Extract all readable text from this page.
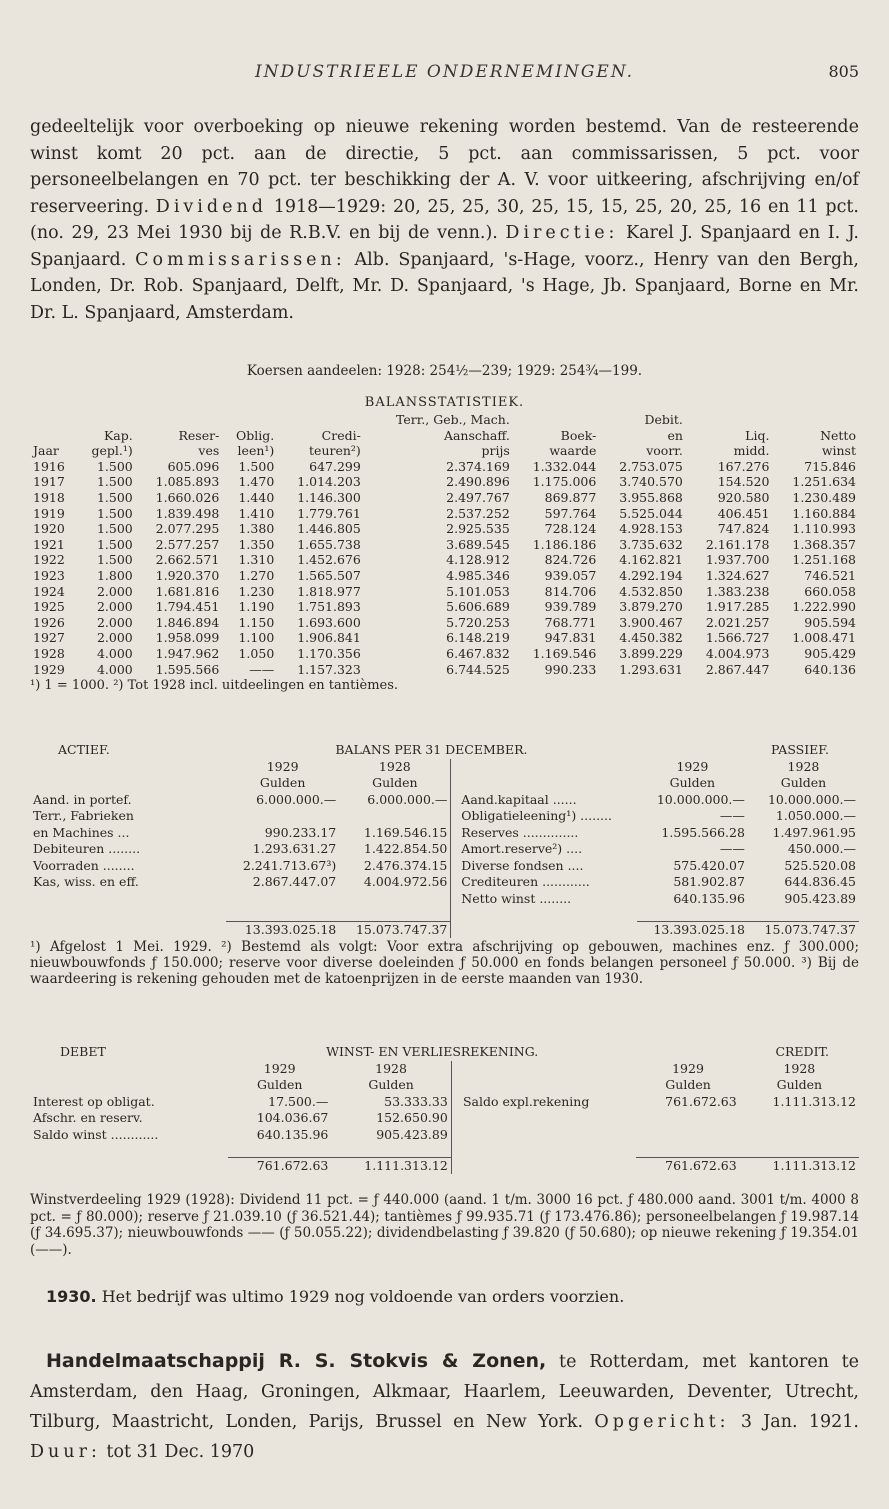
INDUSTRIEELE ONDERNEMINGEN.	805
gedeeltelijk voor overboeking op nieuwe rekening worden bestemd. Van de resteerende winst komt 20 pct. aan de directie, 5 pct. aan commissarissen, 5 pct. voor personeelbelangen en 70 pct. ter beschikking der A. V. voor uitkeering, afschrijving en/of reserveering. Dividend 1918—1929: 20, 25, 25, 30, 25, 15, 15, 25, 20, 25, 16 en 11 pct. (no. 29, 23 Mei 1930 bij de R.B.V. en bij de venn.). Directie: Karel J. Spanjaard en I. J. Spanjaard. Commissarissen: Alb. Spanjaard, 's-Hage, voorz., Henry van den Bergh, Londen, Dr. Rob. Spanjaard, Delft, Mr. D. Spanjaard, 's Hage, Jb. Spanjaard, Borne en Mr. Dr. L. Spanjaard, Amsterdam.
Koersen aandeelen: 1928: 254½—239; 1929: 254¾—199.
BALANSSTATISTIEK.
					Terr., Geb., Mach.		Debit.		
	Kap.	Reser-	Oblig.	Credi-	Aanschaff.	Boek-	en	Liq.	Netto
Jaar	gepl.¹)	ves	leen¹)	teuren²)	prijs	waarde	voorr.	midd.	winst
1916	1.500	605.096	1.500	647.299	2.374.169	1.332.044	2.753.075	167.276	715.846
1917	1.500	1.085.893	1.470	1.014.203	2.490.896	1.175.006	3.740.570	154.520	1.251.634
1918	1.500	1.660.026	1.440	1.146.300	2.497.767	869.877	3.955.868	920.580	1.230.489
1919	1.500	1.839.498	1.410	1.779.761	2.537.252	597.764	5.525.044	406.451	1.160.884
1920	1.500	2.077.295	1.380	1.446.805	2.925.535	728.124	4.928.153	747.824	1.110.993
1921	1.500	2.577.257	1.350	1.655.738	3.689.545	1.186.186	3.735.632	2.161.178	1.368.357
1922	1.500	2.662.571	1.310	1.452.676	4.128.912	824.726	4.162.821	1.937.700	1.251.168
1923	1.800	1.920.370	1.270	1.565.507	4.985.346	939.057	4.292.194	1.324.627	746.521
1924	2.000	1.681.816	1.230	1.818.977	5.101.053	814.706	4.532.850	1.383.238	660.058
1925	2.000	1.794.451	1.190	1.751.893	5.606.689	939.789	3.879.270	1.917.285	1.222.990
1926	2.000	1.846.894	1.150	1.693.600	5.720.253	768.771	3.900.467	2.021.257	905.594
1927	2.000	1.958.099	1.100	1.906.841	6.148.219	947.831	4.450.382	1.566.727	1.008.471
1928	4.000	1.947.962	1.050	1.170.356	6.467.832	1.169.546	3.899.229	4.004.973	905.429
1929	4.000	1.595.566	——	1.157.323	6.744.525	990.233	1.293.631	2.867.447	640.136
¹) 1 = 1000. ²) Tot 1928 incl. uitdeelingen en tantièmes.
ACTIEF.	BALANS PER 31 DECEMBER.				PASSIEF.	
	1929	1928			1929	1928
	Gulden	Gulden			Gulden	Gulden
Aand. in portef.	6.000.000.—	6.000.000.—		Aand.kapitaal ......	10.000.000.—	10.000.000.—
Terr., Fabrieken				Obligatieleening¹) ........	——	1.050.000.—
en Machines ...	990.233.17	1.169.546.15		Reserves ..............	1.595.566.28	1.497.961.95
Debiteuren ........	1.293.631.27	1.422.854.50		Amort.reserve²) ....	——	450.000.—
Voorraden ........	2.241.713.67³)	2.476.374.15		Diverse fondsen ....	575.420.07	525.520.08
Kas, wiss. en eff.	2.867.447.07	4.004.972.56		Crediteuren ............	581.902.87	644.836.45
				Netto winst ........	640.135.96	905.423.89

	13.393.025.18	15.073.747.37			13.393.025.18	15.073.747.37
¹) Afgelost 1 Mei. 1929. ²) Bestemd als volgt: Voor extra afschrijving op gebouwen, machines enz. ƒ 300.000; nieuwbouwfonds ƒ 150.000; reserve voor diverse doeleinden ƒ 50.000 en fonds belangen personeel ƒ 50.000. ³) Bij de waardeering is rekening gehouden met de katoenprijzen in de eerste maanden van 1930.
DEBET	WINST- EN VERLIESREKENING.				CREDIT.	
	1929	1928			1929	1928
	Gulden	Gulden			Gulden	Gulden
Interest op obligat.	17.500.—	53.333.33		Saldo expl.rekening	761.672.63	1.111.313.12
Afschr. en reserv.	104.036.67	152.650.90				
Saldo winst ............	640.135.96	905.423.89				

	761.672.63	1.111.313.12			761.672.63	1.111.313.12
Winstverdeeling 1929 (1928): Dividend 11 pct. = ƒ 440.000 (aand. 1 t/m. 3000 16 pct. ƒ 480.000 aand. 3001 t/m. 4000 8 pct. = ƒ 80.000); reserve ƒ 21.039.10 (ƒ 36.521.44); tantièmes ƒ 99.935.71 (ƒ 173.476.86); personeelbelangen ƒ 19.987.14 (ƒ 34.695.37); nieuwbouwfonds —— (ƒ 50.055.22); dividendbelasting ƒ 39.820 (ƒ 50.680); op nieuwe rekening ƒ 19.354.01 (——).
1930. Het bedrijf was ultimo 1929 nog voldoende van orders voorzien.
Handelmaatschappij R. S. Stokvis & Zonen, te Rotterdam, met kantoren te Amsterdam, den Haag, Groningen, Alkmaar, Haarlem, Leeuwarden, Deventer, Utrecht, Tilburg, Maastricht, Londen, Parijs, Brussel en New York. Opgericht: 3 Jan. 1921. Duur: tot 31 Dec. 1970
